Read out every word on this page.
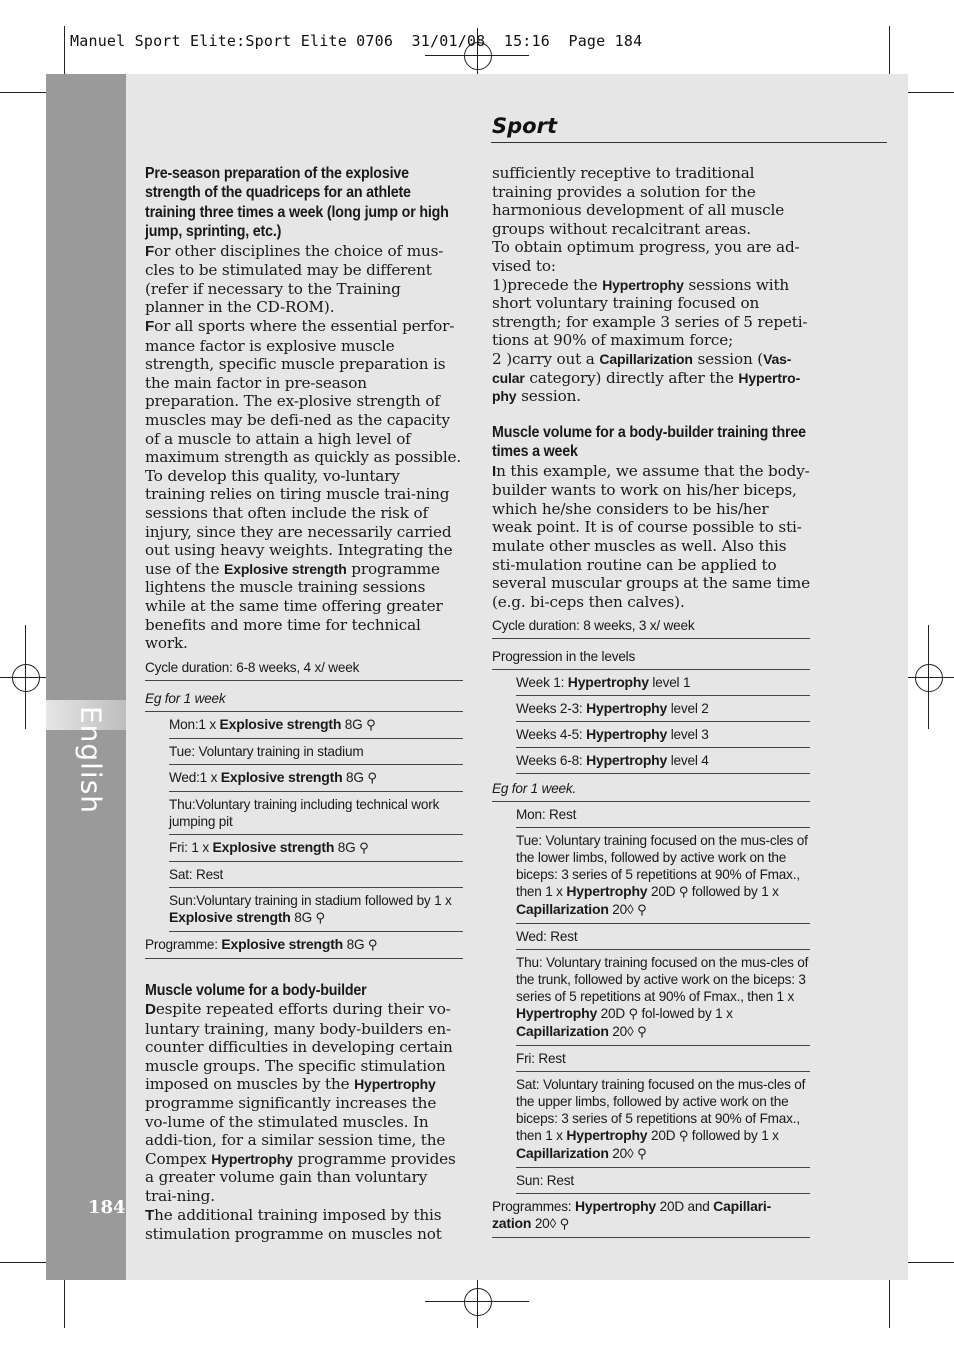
Manuel Sport Elite:Sport Elite 0706  31/01/08  15:16  Page 184
English
184
Sport
Pre-season preparation of the explosive strength of the quadriceps for an athlete training three times a week (long jump or high jump, sprinting, etc.)

For other disciplines the choice of mus-cles to be stimulated may be different (refer if necessary to the Training planner in the CD-ROM).

For all sports where the essential perfor-mance factor is explosive muscle strength, specific muscle preparation is the main factor in pre-season preparation. The ex-plosive strength of muscles may be defi-ned as the capacity of a muscle to attain a high level of maximum strength as quickly as possible. To develop this quality, vo-luntary training relies on tiring muscle trai-ning sessions that often include the risk of injury, since they are necessarily carried out using heavy weights. Integrating the use of the Explosive strength programme lightens the muscle training sessions while at the same time offering greater benefits and more time for technical work.

Cycle duration: 6-8 weeks, 4 x/ week
Eg for 1 week
Mon:1 x Explosive strength 8G ⚲
Tue: Voluntary training in stadium
Wed:1 x Explosive strength 8G ⚲
Thu:Voluntary training including technical work jumping pit
Fri: 1 x Explosive strength 8G ⚲
Sat: Rest
Sun:Voluntary training in stadium followed by 1 x Explosive strength 8G ⚲
Programme: Explosive strength 8G ⚲
Muscle volume for a body-builder

Despite repeated efforts during their vo-luntary training, many body-builders en-counter difficulties in developing certain muscle groups. The specific stimulation imposed on muscles by the Hypertrophy programme significantly increases the vo-lume of the stimulated muscles. In addi-tion, for a similar session time, the Compex Hypertrophy programme provides a greater volume gain than voluntary trai-ning.

The additional training imposed by this stimulation programme on muscles not

sufficiently receptive to traditional training provides a solution for the harmonious development of all muscle groups without recalcitrant areas.

To obtain optimum progress, you are ad-vised to:

1)precede the Hypertrophy sessions with short voluntary training focused on strength; for example 3 series of 5 repeti-tions at 90% of maximum force;

2 )carry out a Capillarization session (Vas-cular category) directly after the Hypertro-phy session.

Muscle volume for a body-builder training three times a week

In this example, we assume that the body-builder wants to work on his/her biceps, which he/she considers to be his/her weak point. It is of course possible to sti-mulate other muscles as well. Also this sti-mulation routine can be applied to several muscular groups at the same time (e.g. bi-ceps then calves).

Cycle duration: 8 weeks, 3 x/ week
Progression in the levels
Week 1: Hypertrophy level 1
Weeks 2-3: Hypertrophy level 2
Weeks 4-5: Hypertrophy level 3
Weeks 6-8: Hypertrophy level 4
Eg for 1 week.
Mon: Rest
Tue: Voluntary training focused on the mus-cles of the lower limbs, followed by active work on the biceps: 3 series of 5 repetitions at 90% of Fmax., then 1 x Hypertrophy 20D ⚲ followed by 1 x Capillarization 20◊ ⚲
Wed: Rest
Thu: Voluntary training focused on the mus-cles of the trunk, followed by active work on the biceps: 3 series of 5 repetitions at 90% of Fmax., then 1 x Hypertrophy 20D ⚲ fol-lowed by 1 x Capillarization 20◊ ⚲
Fri: Rest
Sat: Voluntary training focused on the mus-cles of the upper limbs, followed by active work on the biceps: 3 series of 5 repetitions at 90% of Fmax., then 1 x Hypertrophy 20D ⚲ followed by 1 x Capillarization 20◊ ⚲
Sun: Rest
Programmes: Hypertrophy 20D and Capillari-zation 20◊ ⚲
